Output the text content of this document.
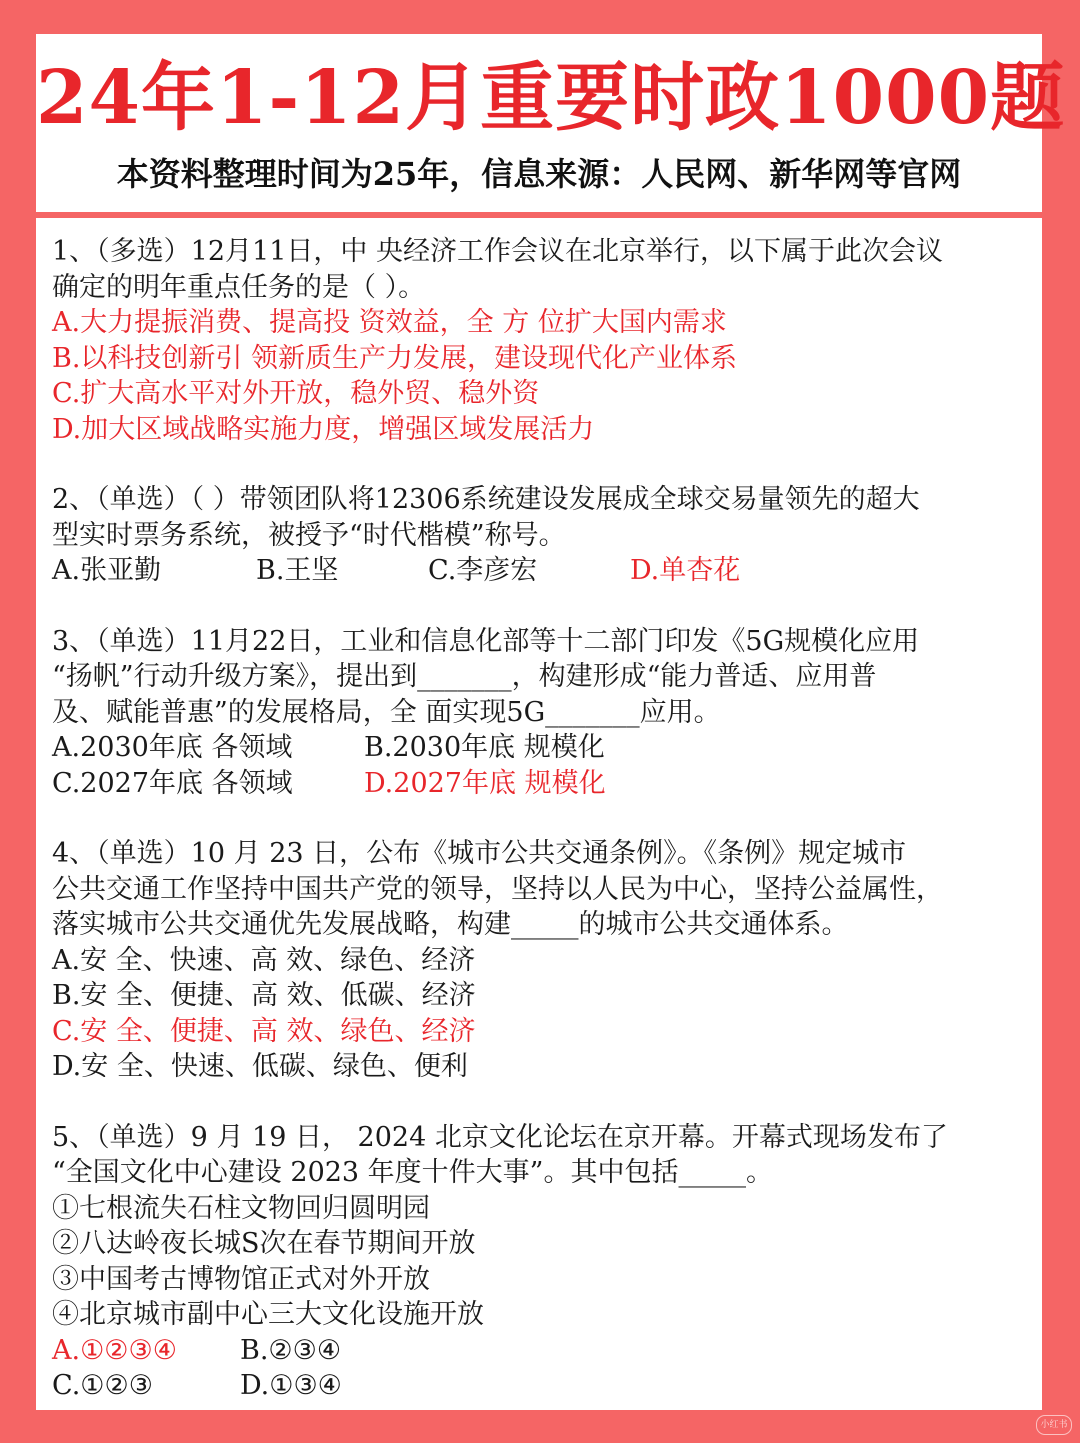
24年1-12月重要时政1000题
本资料整理时间为25年，信息来源：人民网、新华网等官网
1、（多选）12月11日，中 央经济工作会议在北京举行，以下属于此次会议
确定的明年重点任务的是（ ）。
A.大力提振消费、提高投 资效益，全 方 位扩大国内需求
B.以科技创新引 领新质生产力发展，建设现代化产业体系
C.扩大高水平对外开放，稳外贸、稳外资
D.加大区域战略实施力度，增强区域发展活力
2、（单选）（ ）带领团队将12306系统建设发展成全球交易量领先的超大
型实时票务系统，被授予“时代楷模”称号。
A.张亚勤	B.王坚	C.李彦宏	D.单杏花
3、（单选）11月22日，工业和信息化部等十二部门印发《5G规模化应用
“扬帆”行动升级方案》，提出到_______，构建形成“能力普适、应用普
及、赋能普惠”的发展格局，全 面实现5G_______应用。
A.2030年底 各领域	B.2030年底 规模化
C.2027年底 各领域	D.2027年底 规模化
4、（单选）10 月 23 日，公布《城市公共交通条例》。《条例》规定城市
公共交通工作坚持中国共产党的领导，坚持以人民为中心，坚持公益属性，
落实城市公共交通优先发展战略，构建_____的城市公共交通体系。
A.安 全、快速、高 效、绿色、经济
B.安 全、便捷、高 效、低碳、经济
C.安 全、便捷、高 效、绿色、经济
D.安 全、快速、低碳、绿色、便利
5、（单选）9 月 19 日， 2024 北京文化论坛在京开幕。开幕式现场发布了
“全国文化中心建设 2023 年度十件大事”。其中包括_____。
①七根流失石柱文物回归圆明园
②八达岭夜长城S次在春节期间开放
③中国考古博物馆正式对外开放
④北京城市副中心三大文化设施开放
A.①②③④	B.②③④
C.①②③	D.①③④
小红书
